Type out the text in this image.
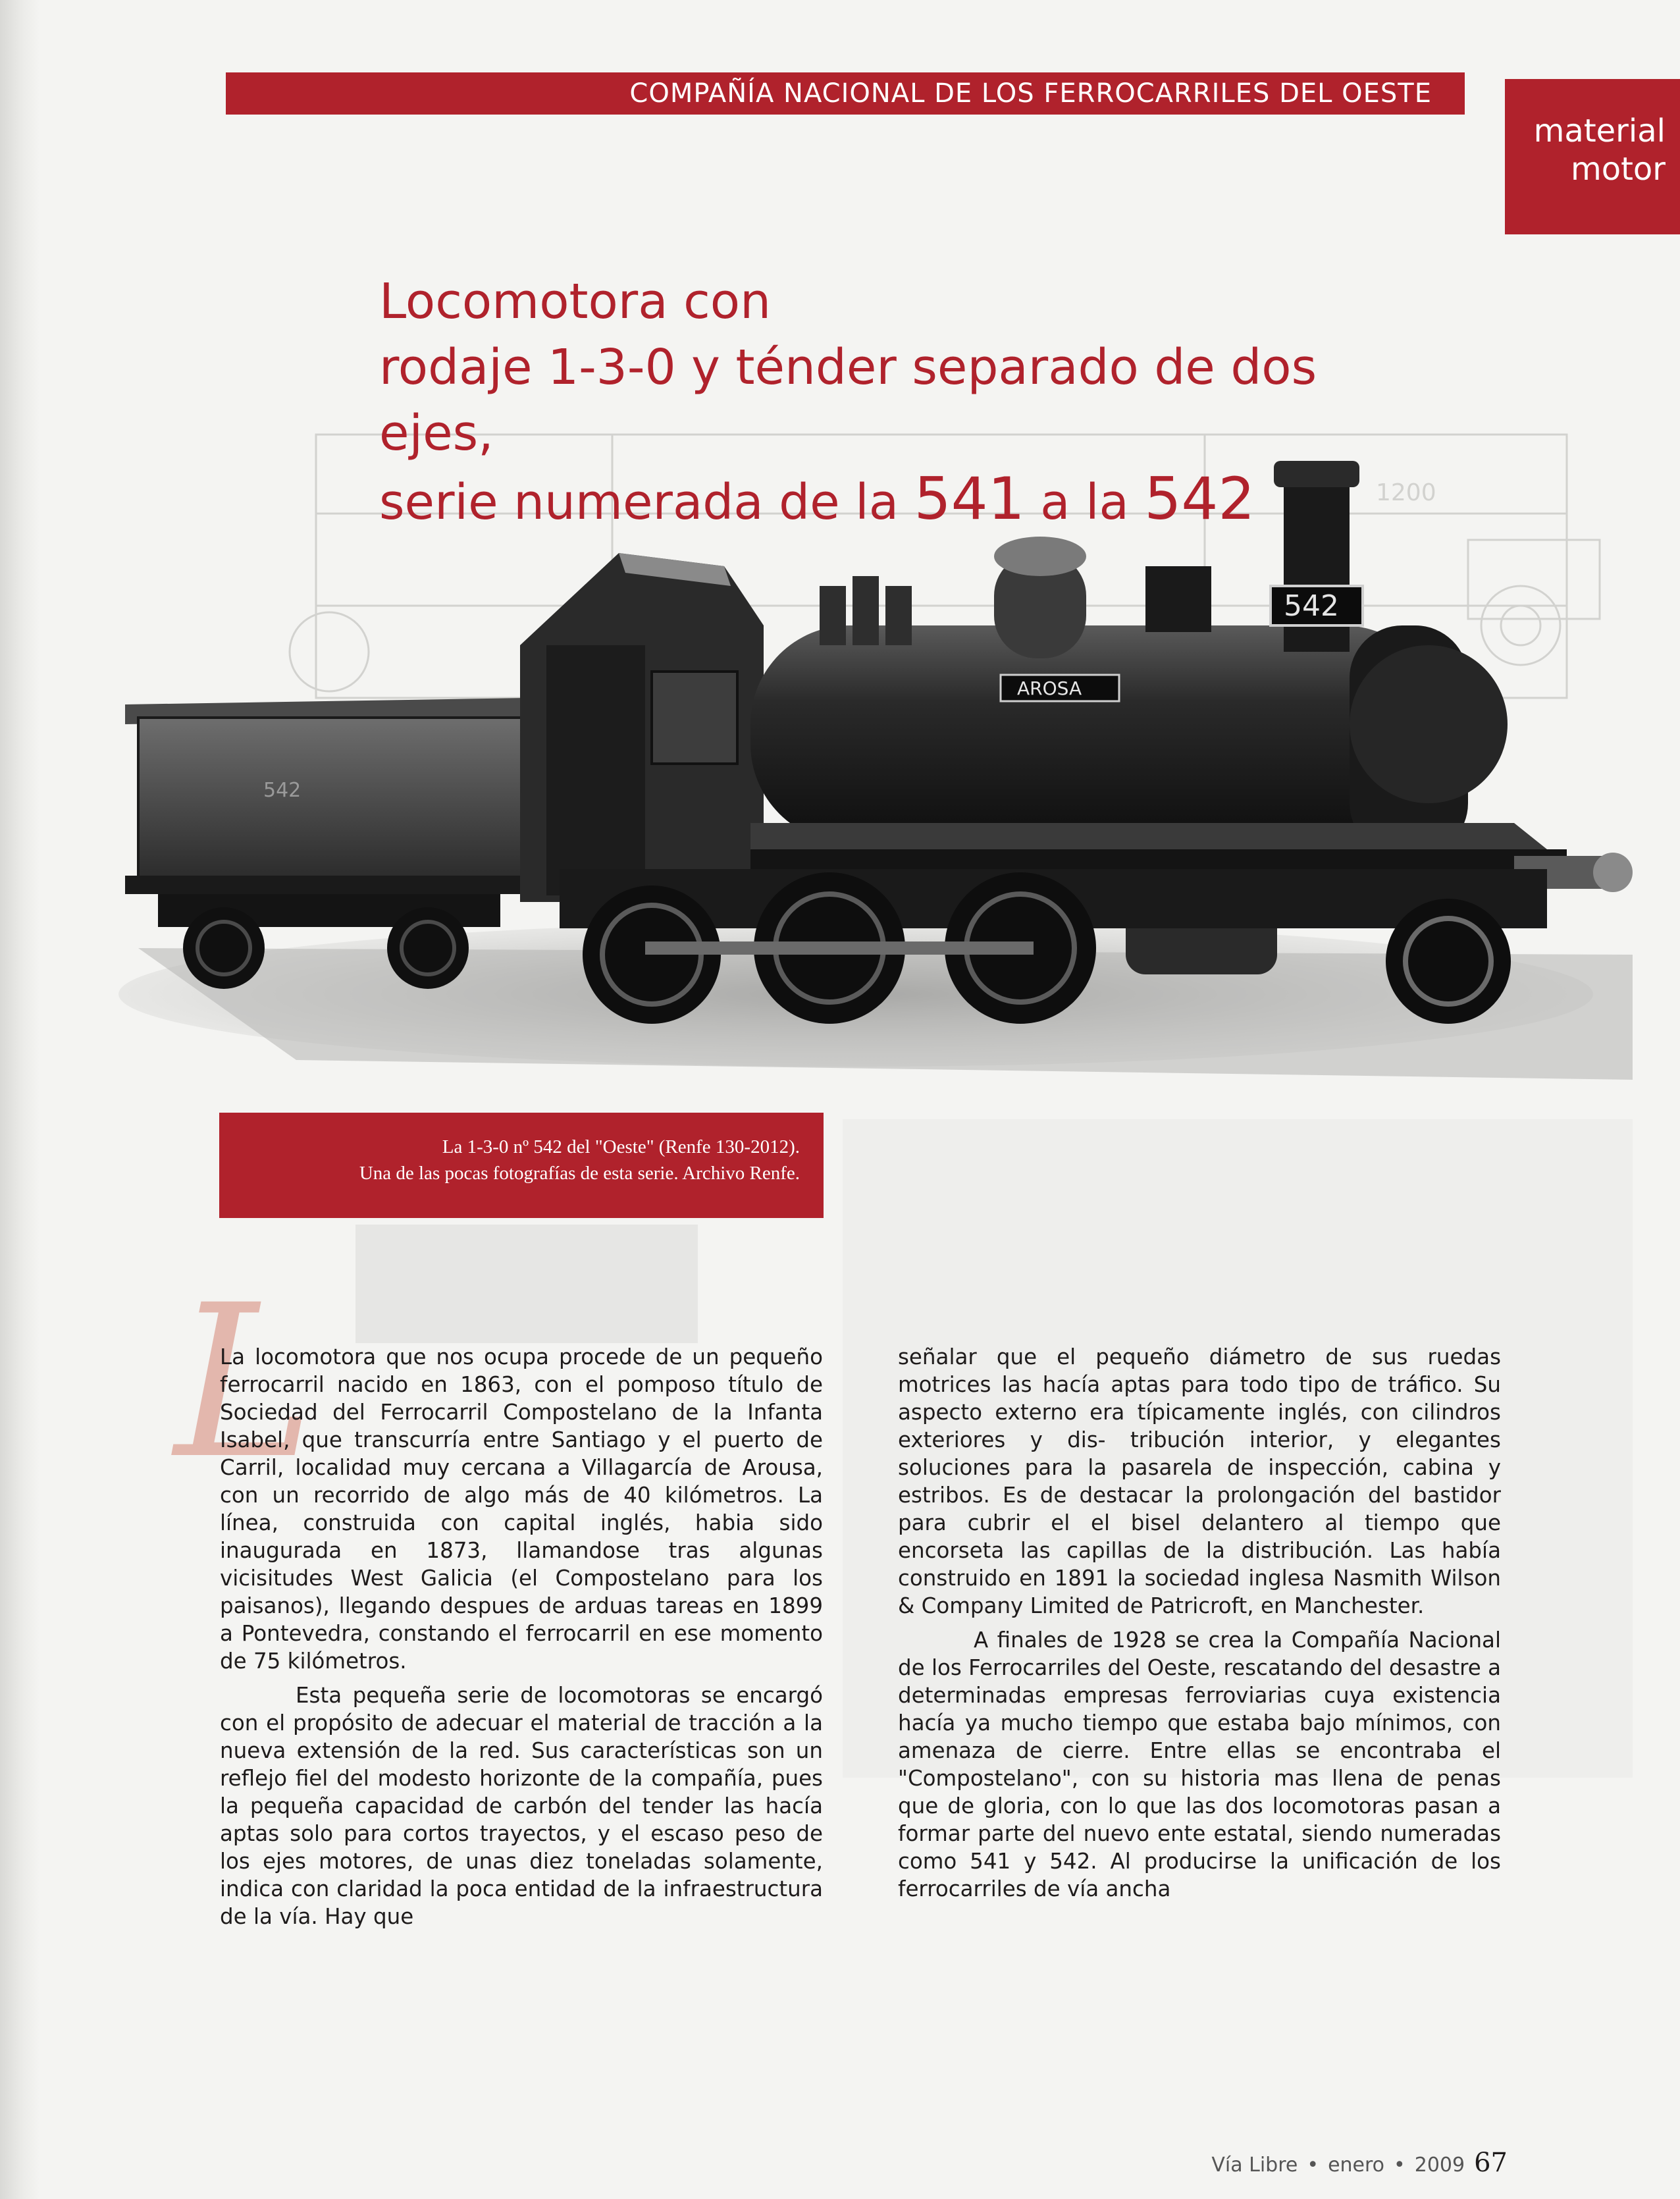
1200
COMPAÑÍA NACIONAL DE LOS FERROCARRILES DEL OESTE
material
motor
Locomotora con
rodaje 1-3-0 y ténder separado de dos ejes,
serie numerada de la 541 a la 542
542
542
AROSA
La 1-3-0 nº 542 del "Oeste" (Renfe 130-2012).
Una de las pocas fotografías de esta serie. Archivo Renfe.
L

La locomotora que nos ocupa procede de un pequeño ferrocarril nacido en 1863, con el pomposo título de Sociedad del Ferrocarril Compostelano de la Infanta Isabel, que transcurría entre Santiago y el puerto de Carril, localidad muy cercana a Villagarcía de Arousa, con un recorrido de algo más de 40 kilómetros. La línea, construida con capital inglés, habia sido inaugurada en 1873, llamandose tras algunas vicisitudes West Galicia (el Compostelano para los paisanos), llegando despues de arduas tareas en 1899 a Pontevedra, constando el ferrocarril en ese momento de 75 kilómetros.

Esta pequeña serie de locomotoras se encargó con el propósito de adecuar el material de tracción a la nueva extensión de la red. Sus características son un reflejo fiel del modesto horizonte de la compañía, pues la pequeña capacidad de carbón del tender las hacía aptas solo para cortos trayectos, y el escaso peso de los ejes motores, de unas diez toneladas solamente, indica con claridad la poca entidad de la infraestructura de la vía. Hay que

señalar que el pequeño diámetro de sus ruedas motrices las hacía aptas para todo tipo de tráfico. Su aspecto externo era típicamente inglés, con cilindros exteriores y dis- tribución interior, y elegantes soluciones para la pasarela de inspección, cabina y estribos. Es de destacar la prolongación del bastidor para cubrir el el bisel delantero al tiempo que encorseta las capillas de la distribución. Las había construido en 1891 la sociedad inglesa Nasmith Wilson & Company Limited de Patricroft, en Manchester.

A finales de 1928 se crea la Compañía Nacional de los Ferrocarriles del Oeste, rescatando del desastre a determinadas empresas ferroviarias cuya existencia hacía ya mucho tiempo que estaba bajo mínimos, con amenaza de cierre. Entre ellas se encontraba el "Compostelano", con su historia mas llena de penas que de gloria, con lo que las dos locomotoras pasan a formar parte del nuevo ente estatal, siendo numeradas como 541 y 542. Al producirse la unificación de los ferrocarriles de vía ancha

Vía Libre • enero • 2009 67
